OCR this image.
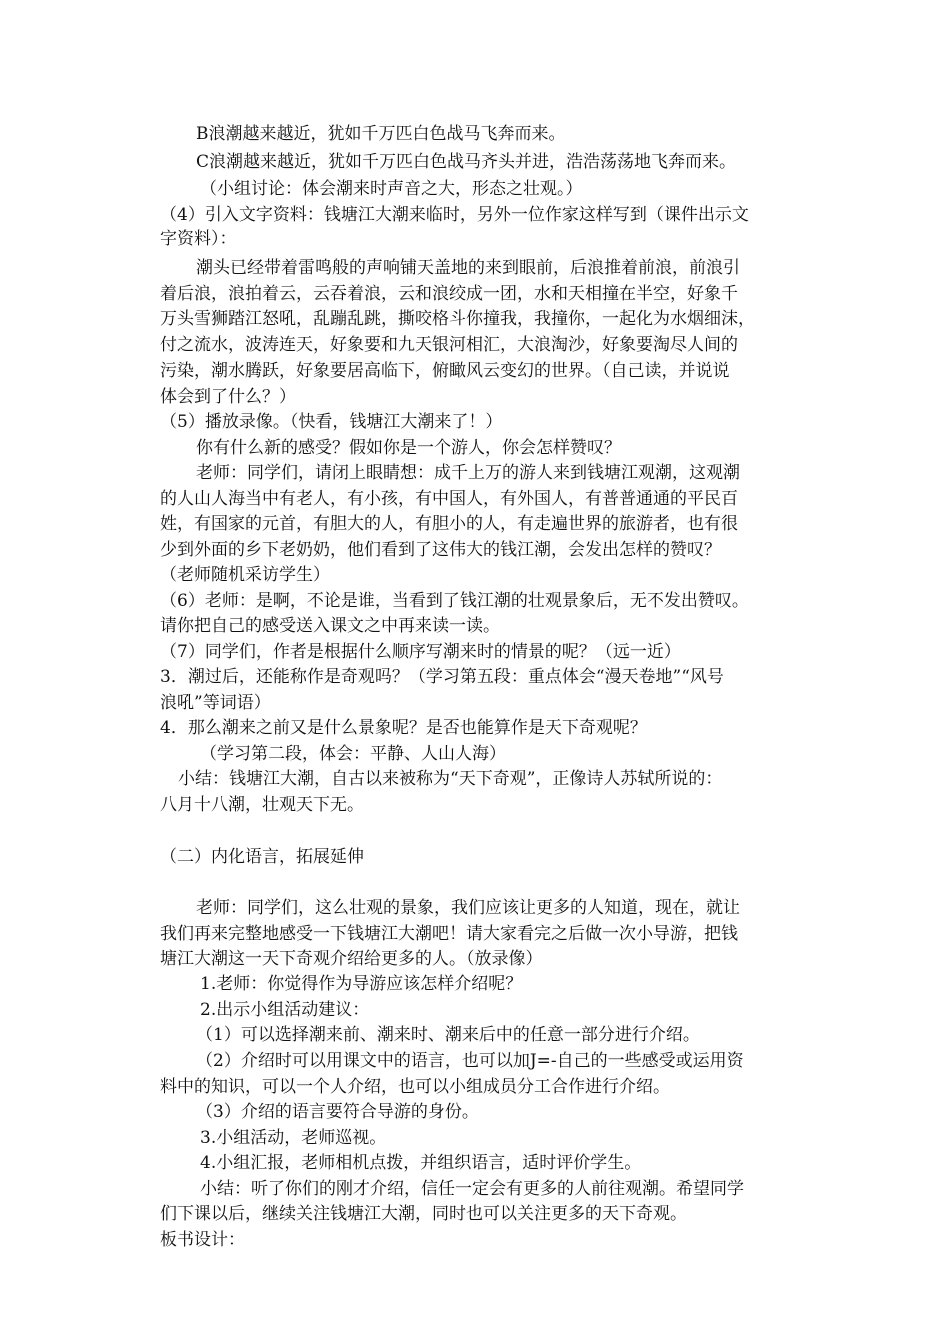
B浪潮越来越近，犹如千万匹白色战马飞奔而来。
C浪潮越来越近，犹如千万匹白色战马齐头并进，浩浩荡荡地飞奔而来。
（小组讨论：体会潮来时声音之大，形态之壮观。）
（4）引入文字资料：钱塘江大潮来临时，另外一位作家这样写到（课件出示文
字资料）：
潮头已经带着雷鸣般的声响铺天盖地的来到眼前，后浪推着前浪，前浪引
着后浪，浪拍着云，云吞着浪，云和浪绞成一团，水和天相撞在半空，好象千
万头雪狮踏江怒吼，乱蹦乱跳，撕咬格斗你撞我，我撞你，一起化为水烟细沫，
付之流水，波涛连天，好象要和九天银河相汇，大浪淘沙，好象要淘尽人间的
污染，潮水腾跃，好象要居高临下，俯瞰风云变幻的世界。（自己读，并说说
体会到了什么？）
（5）播放录像。（快看，钱塘江大潮来了！）
你有什么新的感受？假如你是一个游人，你会怎样赞叹？
老师：同学们，请闭上眼睛想：成千上万的游人来到钱塘江观潮，这观潮
的人山人海当中有老人，有小孩，有中国人，有外国人，有普普通通的平民百
姓，有国家的元首，有胆大的人，有胆小的人，有走遍世界的旅游者，也有很
少到外面的乡下老奶奶，他们看到了这伟大的钱江潮，会发出怎样的赞叹？
（老师随机采访学生）
（6）老师：是啊，不论是谁，当看到了钱江潮的壮观景象后，无不发出赞叹。
请你把自己的感受送入课文之中再来读一读。
（7）同学们，作者是根据什么顺序写潮来时的情景的呢？（远一近）
3．潮过后，还能称作是奇观吗？（学习第五段：重点体会“漫天卷地”“风号
浪吼”等词语）
4．那么潮来之前又是什么景象呢？是否也能算作是天下奇观呢？
（学习第二段，体会：平静、人山人海）
小结：钱塘江大潮，自古以来被称为“天下奇观”，正像诗人苏轼所说的：
八月十八潮，壮观天下无。
（二）内化语言，拓展延伸
老师：同学们，这么壮观的景象，我们应该让更多的人知道，现在，就让
我们再来完整地感受一下钱塘江大潮吧！请大家看完之后做一次小导游，把钱
塘江大潮这一天下奇观介绍给更多的人。（放录像）
1.老师：你觉得作为导游应该怎样介绍呢？
2.出示小组活动建议：
（1）可以选择潮来前、潮来时、潮来后中的任意一部分进行介绍。
（2）介绍时可以用课文中的语言，也可以加J=-自己的一些感受或运用资
料中的知识，可以一个人介绍，也可以小组成员分工合作进行介绍。
（3）介绍的语言要符合导游的身份。
3.小组活动，老师巡视。
4.小组汇报，老师相机点拨，并组织语言，适时评价学生。
小结：听了你们的刚才介绍，信任一定会有更多的人前往观潮。希望同学
们下课以后，继续关注钱塘江大潮，同时也可以关注更多的天下奇观。
板书设计：
